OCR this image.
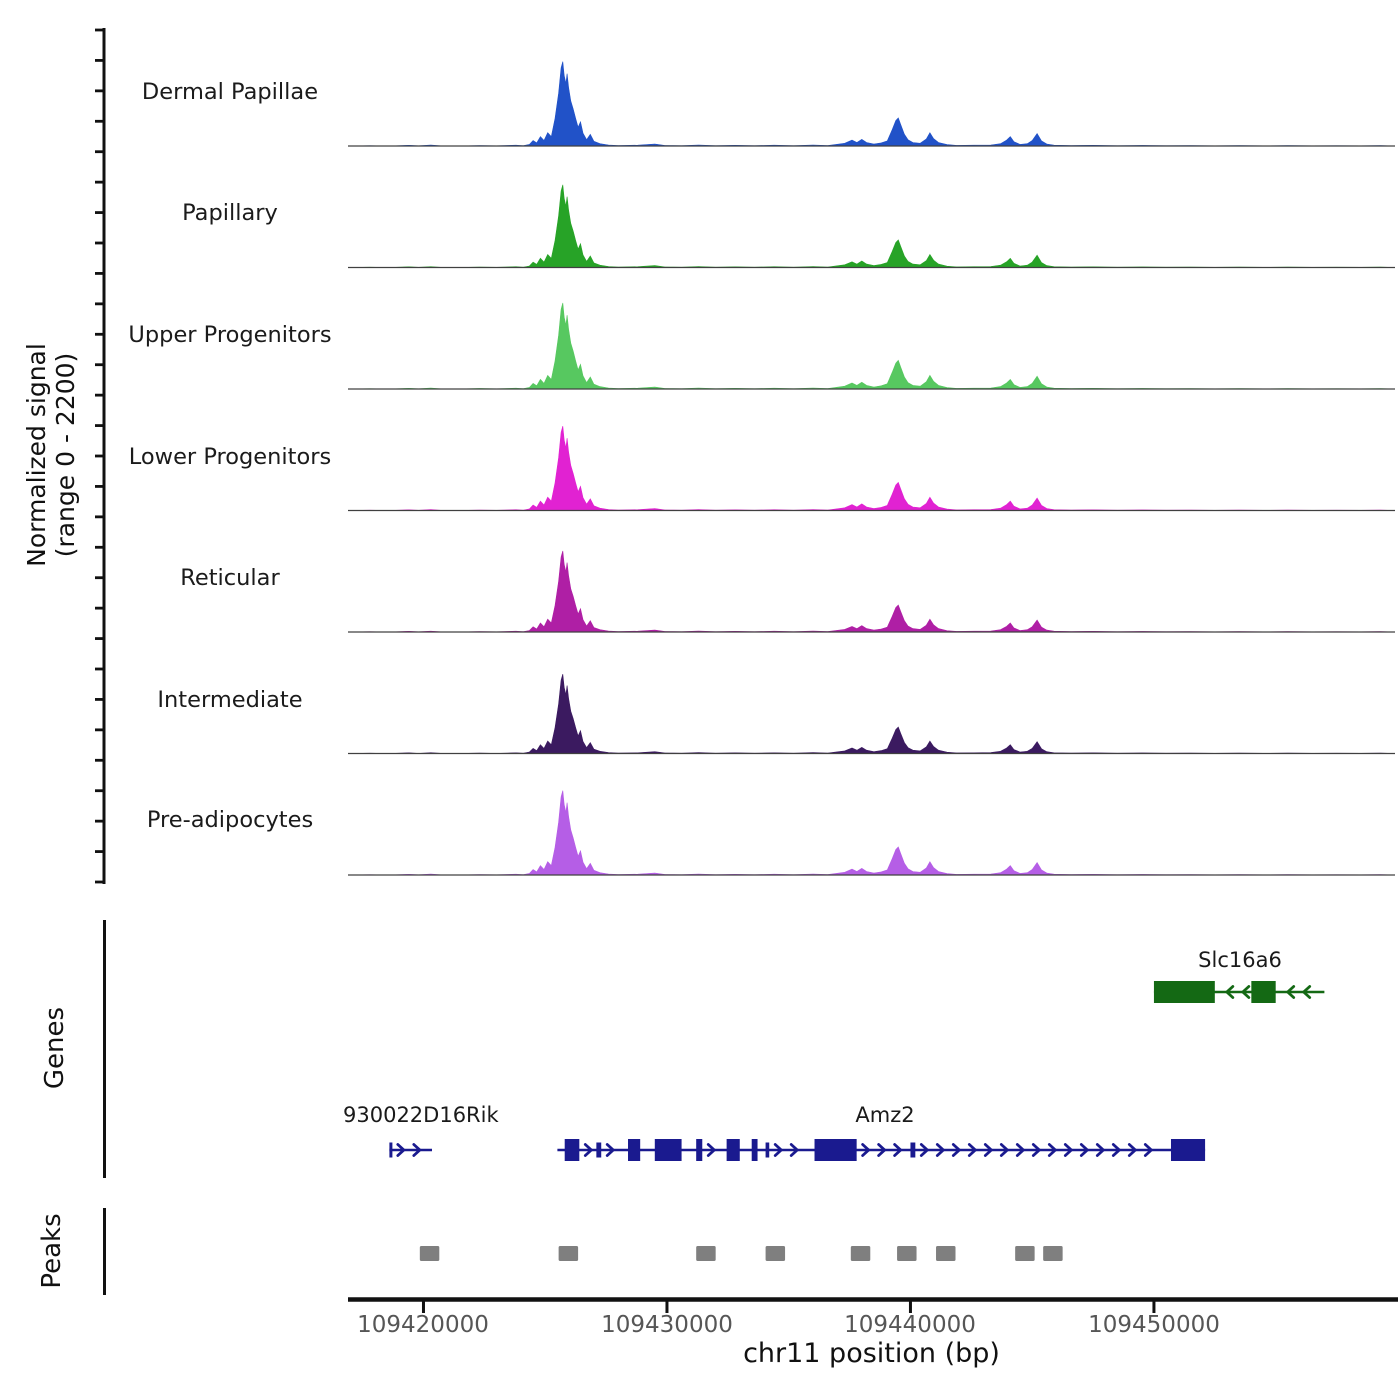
Normalized signal (range 0 - 2200)
Dermal Papillae
Papillary
Upper Progenitors
Lower Progenitors
Reticular
Intermediate
Pre-adipocytes
Genes
Peaks
Slc16a6
930022D16Rik	Amz2
109420000	109430000	109440000	109450000
chr11 position (bp)
